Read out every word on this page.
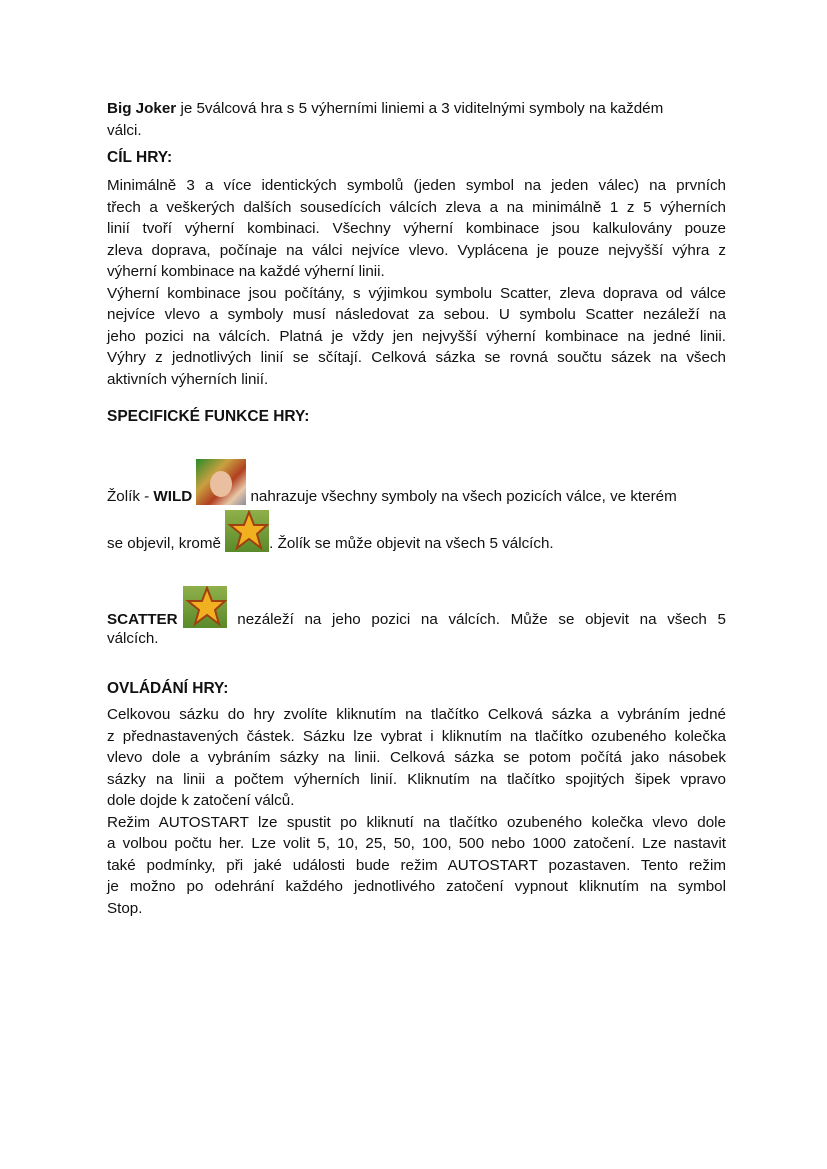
Big Joker je 5válcová hra s 5 výherními liniemi a 3 viditelnými symboly na každém
válci.
CÍL HRY:
Minimálně 3 a více identických symbolů (jeden symbol na jeden válec) na prvních
třech a veškerých dalších sousedících válcích zleva a na minimálně 1 z 5 výherních
linií tvoří výherní kombinaci. Všechny výherní kombinace jsou kalkulovány pouze
zleva doprava, počínaje na válci nejvíce vlevo. Vyplácena je pouze nejvyšší výhra z
výherní kombinace na každé výherní linii.
Výherní kombinace jsou počítány, s výjimkou symbolu Scatter, zleva doprava od válce
nejvíce vlevo a symboly musí následovat za sebou. U symbolu Scatter nezáleží na
jeho pozici na válcích. Platná je vždy jen nejvyšší výherní kombinace na jedné linii.
Výhry z jednotlivých linií se sčítají. Celková sázka se rovná součtu sázek na všech
aktivních výherních linií.
SPECIFICKÉ FUNKCE HRY:
Žolík - WILD	nahrazuje všechny symboly na všech pozicích válce, ve kterém
se objevil, kromě	. Žolík se může objevit na všech 5 válcích.
SCATTER	nezáleží na jeho pozici na válcích. Může se objevit na všech 5
válcích.
OVLÁDÁNÍ HRY:
Celkovou sázku do hry zvolíte kliknutím na tlačítko Celková sázka a vybráním jedné
z přednastavených částek. Sázku lze vybrat i kliknutím na tlačítko ozubeného kolečka
vlevo dole a vybráním sázky na linii. Celková sázka se potom počítá jako násobek
sázky na linii a počtem výherních linií. Kliknutím na tlačítko spojitých šipek vpravo
dole dojde k zatočení válců.
Režim AUTOSTART lze spustit po kliknutí na tlačítko ozubeného kolečka vlevo dole
a volbou počtu her. Lze volit 5, 10, 25, 50, 100, 500 nebo 1000 zatočení. Lze nastavit
také podmínky, při jaké události bude režim AUTOSTART pozastaven. Tento režim
je možno po odehrání každého jednotlivého zatočení vypnout kliknutím na symbol
Stop.
